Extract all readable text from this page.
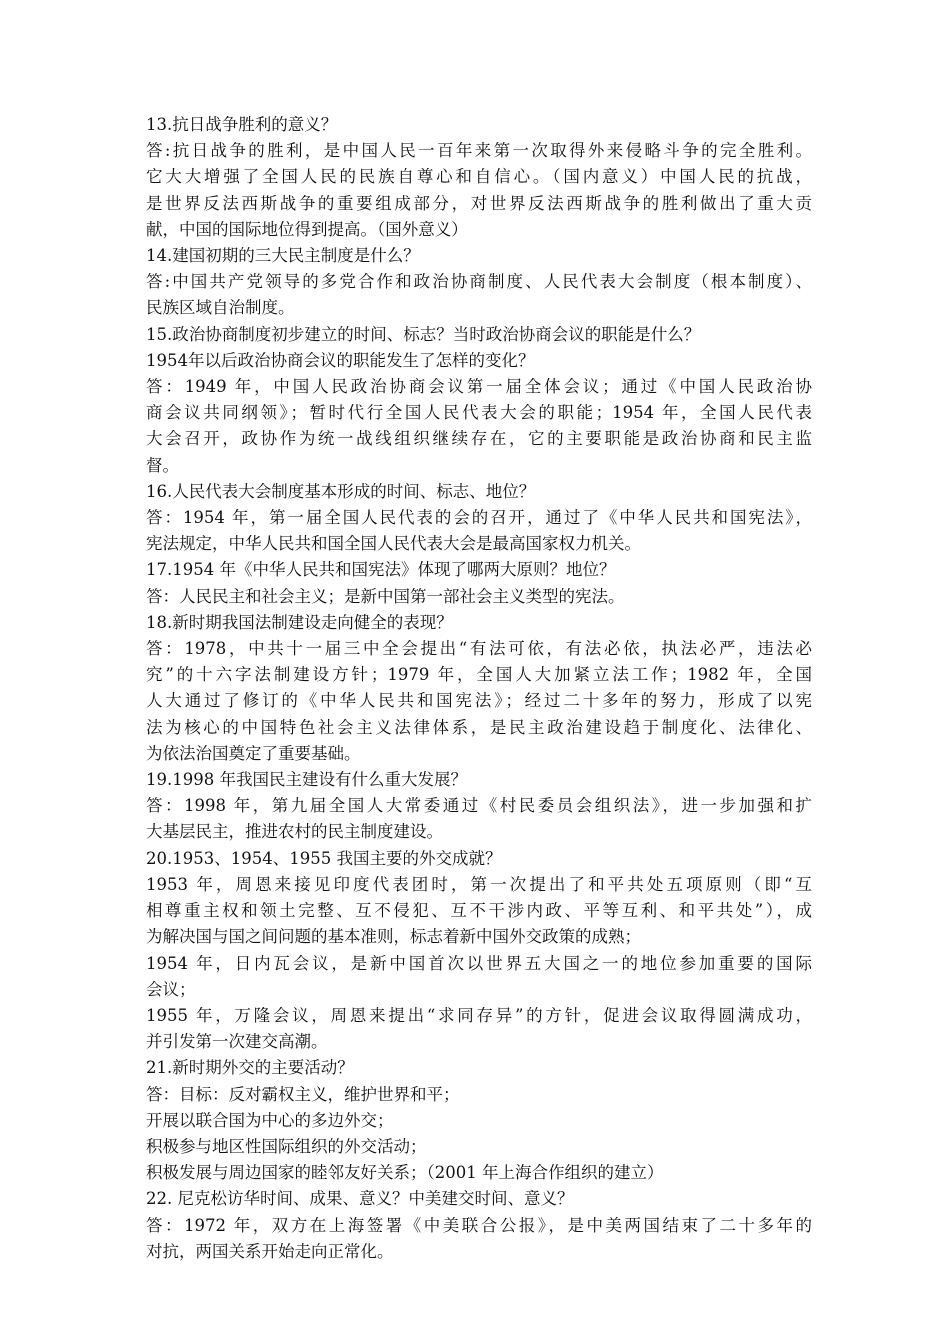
13.抗日战争胜利的意义？
答:抗日战争的胜利，是中国人民一百年来第一次取得外来侵略斗争的完全胜利。
它大大增强了全国人民的民族自尊心和自信心。（国内意义）中国人民的抗战，
是世界反法西斯战争的重要组成部分，对世界反法西斯战争的胜利做出了重大贡
献，中国的国际地位得到提高。（国外意义）
14.建国初期的三大民主制度是什么？
答:中国共产党领导的多党合作和政治协商制度、人民代表大会制度（根本制度）、
民族区域自治制度。
15.政治协商制度初步建立的时间、标志？当时政治协商会议的职能是什么？
1954年以后政治协商会议的职能发生了怎样的变化？
答：1949 年，中国人民政治协商会议第一届全体会议；通过《中国人民政治协
商会议共同纲领》；暂时代行全国人民代表大会的职能；1954 年，全国人民代表
大会召开，政协作为统一战线组织继续存在，它的主要职能是政治协商和民主监
督。
16.人民代表大会制度基本形成的时间、标志、地位？
答：1954 年，第一届全国人民代表的会的召开，通过了《中华人民共和国宪法》，
宪法规定，中华人民共和国全国人民代表大会是最高国家权力机关。
17.1954 年《中华人民共和国宪法》体现了哪两大原则？地位？
答：人民民主和社会主义；是新中国第一部社会主义类型的宪法。
18.新时期我国法制建设走向健全的表现？
答：1978，中共十一届三中全会提出“有法可依，有法必依，执法必严，违法必
究”的十六字法制建设方针；1979 年，全国人大加紧立法工作；1982 年，全国
人大通过了修订的《中华人民共和国宪法》；经过二十多年的努力，形成了以宪
法为核心的中国特色社会主义法律体系，是民主政治建设趋于制度化、法律化、
为依法治国奠定了重要基础。
19.1998 年我国民主建设有什么重大发展？
答：1998 年，第九届全国人大常委通过《村民委员会组织法》，进一步加强和扩
大基层民主，推进农村的民主制度建设。
20.1953、1954、1955 我国主要的外交成就？
1953 年，周恩来接见印度代表团时，第一次提出了和平共处五项原则（即“互
相尊重主权和领土完整、互不侵犯、互不干涉内政、平等互利、和平共处”），成
为解决国与国之间问题的基本准则，标志着新中国外交政策的成熟；
1954 年，日内瓦会议，是新中国首次以世界五大国之一的地位参加重要的国际
会议；
1955 年，万隆会议，周恩来提出“求同存异”的方针，促进会议取得圆满成功，
并引发第一次建交高潮。
21.新时期外交的主要活动？
答：目标：反对霸权主义，维护世界和平；
开展以联合国为中心的多边外交；
积极参与地区性国际组织的外交活动；
积极发展与周边国家的睦邻友好关系；（2001 年上海合作组织的建立）
22. 尼克松访华时间、成果、意义？中美建交时间、意义？
答：1972 年，双方在上海签署《中美联合公报》，是中美两国结束了二十多年的
对抗，两国关系开始走向正常化。
